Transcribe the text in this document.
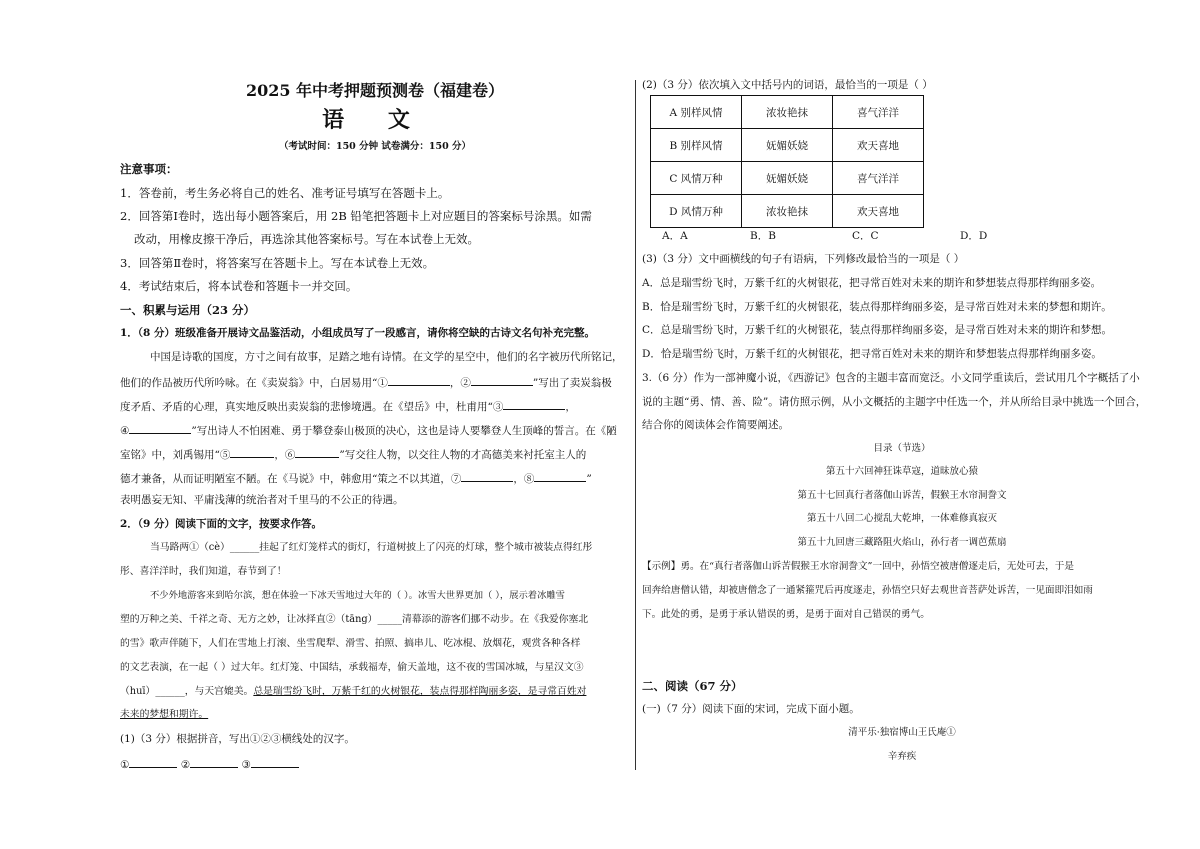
2025 年中考押题预测卷（福建卷）
语 文
（考试时间：150 分钟 试卷满分：150 分）
注意事项：
1．答卷前，考生务必将自己的姓名、准考证号填写在答题卡上。
2．回答第Ⅰ卷时，选出每小题答案后，用 2B 铅笔把答题卡上对应题目的答案标号涂黑。如需
改动，用橡皮擦干净后，再选涂其他答案标号。写在本试卷上无效。
3．回答第Ⅱ卷时，将答案写在答题卡上。写在本试卷上无效。
4．考试结束后，将本试卷和答题卡一并交回。
一、积累与运用（23 分）
1．（8 分）班级准备开展诗文品鉴活动，小组成员写了一段感言，请你将空缺的古诗文名句补充完整。
中国是诗歌的国度，方寸之间有故事，足踏之地有诗情。在文学的星空中，他们的名字被历代所铭记，
他们的作品被历代所吟咏。在《卖炭翁》中，白居易用“①	，②	”写出了卖炭翁极
度矛盾、矛盾的心理，真实地反映出卖炭翁的悲惨境遇。在《望岳》中，杜甫用“③	，
④	”写出诗人不怕困难、勇于攀登泰山极顶的决心，这也是诗人要攀登人生顶峰的誓言。在《陋
室铭》中，刘禹锡用“⑤	，⑥	”写交往人物，以交往人物的才高德美来衬托室主人的
德才兼备，从而证明陋室不陋。在《马说》中，韩愈用“策之不以其道，⑦	，⑧	”
表明愚妄无知、平庸浅薄的统治者对千里马的不公正的待遇。
2．（9 分）阅读下面的文字，按要求作答。
当马路两①（cè）______挂起了红灯笼样式的街灯，行道树披上了闪亮的灯球，整个城市被装点得红彤
彤、喜洋洋时，我们知道，春节到了！
不少外地游客来到哈尔滨，想在体验一下冰天雪地过大年的（ ）。冰雪大世界更加（ ），展示着冰雕雪
塑的万种之美、千祥之奇、无方之妙，让冰择直②（tāng）_____清幕添的游客们挪不动步。在《我爱你塞北
的雪》歌声伴随下，人们在雪地上打滚、坐雪爬犁、滑雪、拍照、搞串儿、吃冰棍、放烟花，观赏各种各样
的文艺表演，在一起（ ）过大年。红灯笼、中国结，承载福寿，偷天盖地，这不夜的雪国冰城，与星汉文③
（huī）______，与天宫媲美。总是瑞雪纷飞时，万紫千红的火树银花，装点得那样陶丽多姿，是寻常百姓对
未来的梦想和期许。
(1)（3 分）根据拼音，写出①②③横线处的汉字。
①	②	③
(2)（3 分）依次填入文中括号内的词语，最恰当的一项是（ ）
A 别样风情	浓妆艳抹	喜气洋洋
B 别样风情	妩媚妖娆	欢天喜地
C 风情万种	妩媚妖娆	喜气洋洋
D 风情万种	浓妆艳抹	欢天喜地
A．A	B．B	C．C	D．D
(3)（3 分）文中画横线的句子有语病，下列修改最恰当的一项是（ ）
A．总是瑞雪纷飞时，万紫千红的火树银花，把寻常百姓对未来的期许和梦想装点得那样绚丽多姿。
B．恰是瑞雪纷飞时，万紫千红的火树银花，装点得那样绚丽多姿，是寻常百姓对未来的梦想和期许。
C．总是瑞雪纷飞时，万紫千红的火树银花，装点得那样绚丽多姿，是寻常百姓对未来的期许和梦想。
D．恰是瑞雪纷飞时，万紫千红的火树银花，把寻常百姓对未来的期许和梦想装点得那样绚丽多姿。
3.（6 分）作为一部神魔小说，《西游记》包含的主题丰富而宽泛。小文同学重读后，尝试用几个字概括了小
说的主题“勇、情、善、险”。请仿照示例，从小文概括的主题字中任选一个，并从所给目录中挑选一个回合，
结合你的阅读体会作简要阐述。
目录（节选）
第五十六回神狂诛草寇，道昧放心猿
第五十七回真行者落伽山诉苦，假猴王水帘洞誊文
第五十八回二心搅乱大乾坤，一体难修真寂灭
第五十九回唐三藏路阻火焰山，孙行者一调芭蕉扇
【示例】勇。在“真行者落伽山诉苦假猴王水帘洞誊文”一回中，孙悟空被唐僧逐走后，无处可去，于是
回奔给唐僧认错，却被唐僧念了一通紧箍咒后再度逐走，孙悟空只好去观世音菩萨处诉苦，一见面即泪如雨
下。此处的勇，是勇于承认错误的勇，是勇于面对自己错误的勇气。
二、阅读（67 分）
(一)（7 分）阅读下面的宋词，完成下面小题。
清平乐·独宿博山王氏庵①
辛弃疾
